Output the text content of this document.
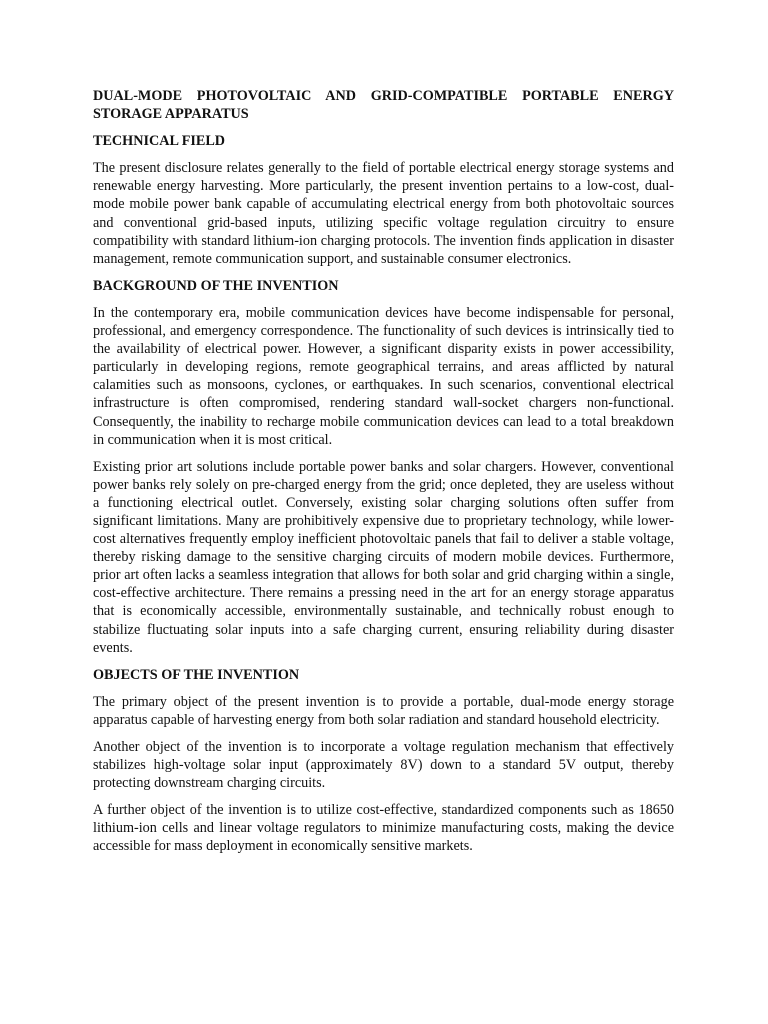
DUAL-MODE PHOTOVOLTAIC AND GRID-COMPATIBLE PORTABLE ENERGY STORAGE APPARATUS
TECHNICAL FIELD

The present disclosure relates generally to the field of portable electrical energy storage systems and renewable energy harvesting. More particularly, the present invention pertains to a low-cost, dual-mode mobile power bank capable of accumulating electrical energy from both photovoltaic sources and conventional grid-based inputs, utilizing specific voltage regulation circuitry to ensure compatibility with standard lithium-ion charging protocols. The invention finds application in disaster management, remote communication support, and sustainable consumer electronics.

BACKGROUND OF THE INVENTION

In the contemporary era, mobile communication devices have become indispensable for personal, professional, and emergency correspondence. The functionality of such devices is intrinsically tied to the availability of electrical power. However, a significant disparity exists in power accessibility, particularly in developing regions, remote geographical terrains, and areas afflicted by natural calamities such as monsoons, cyclones, or earthquakes. In such scenarios, conventional electrical infrastructure is often compromised, rendering standard wall-socket chargers non-functional. Consequently, the inability to recharge mobile communication devices can lead to a total breakdown in communication when it is most critical.

Existing prior art solutions include portable power banks and solar chargers. However, conventional power banks rely solely on pre-charged energy from the grid; once depleted, they are useless without a functioning electrical outlet. Conversely, existing solar charging solutions often suffer from significant limitations. Many are prohibitively expensive due to proprietary technology, while lower-cost alternatives frequently employ inefficient photovoltaic panels that fail to deliver a stable voltage, thereby risking damage to the sensitive charging circuits of modern mobile devices. Furthermore, prior art often lacks a seamless integration that allows for both solar and grid charging within a single, cost-effective architecture. There remains a pressing need in the art for an energy storage apparatus that is economically accessible, environmentally sustainable, and technically robust enough to stabilize fluctuating solar inputs into a safe charging current, ensuring reliability during disaster events.

OBJECTS OF THE INVENTION

The primary object of the present invention is to provide a portable, dual-mode energy storage apparatus capable of harvesting energy from both solar radiation and standard household electricity.

Another object of the invention is to incorporate a voltage regulation mechanism that effectively stabilizes high-voltage solar input (approximately 8V) down to a standard 5V output, thereby protecting downstream charging circuits.

A further object of the invention is to utilize cost-effective, standardized components such as 18650 lithium-ion cells and linear voltage regulators to minimize manufacturing costs, making the device accessible for mass deployment in economically sensitive markets.
